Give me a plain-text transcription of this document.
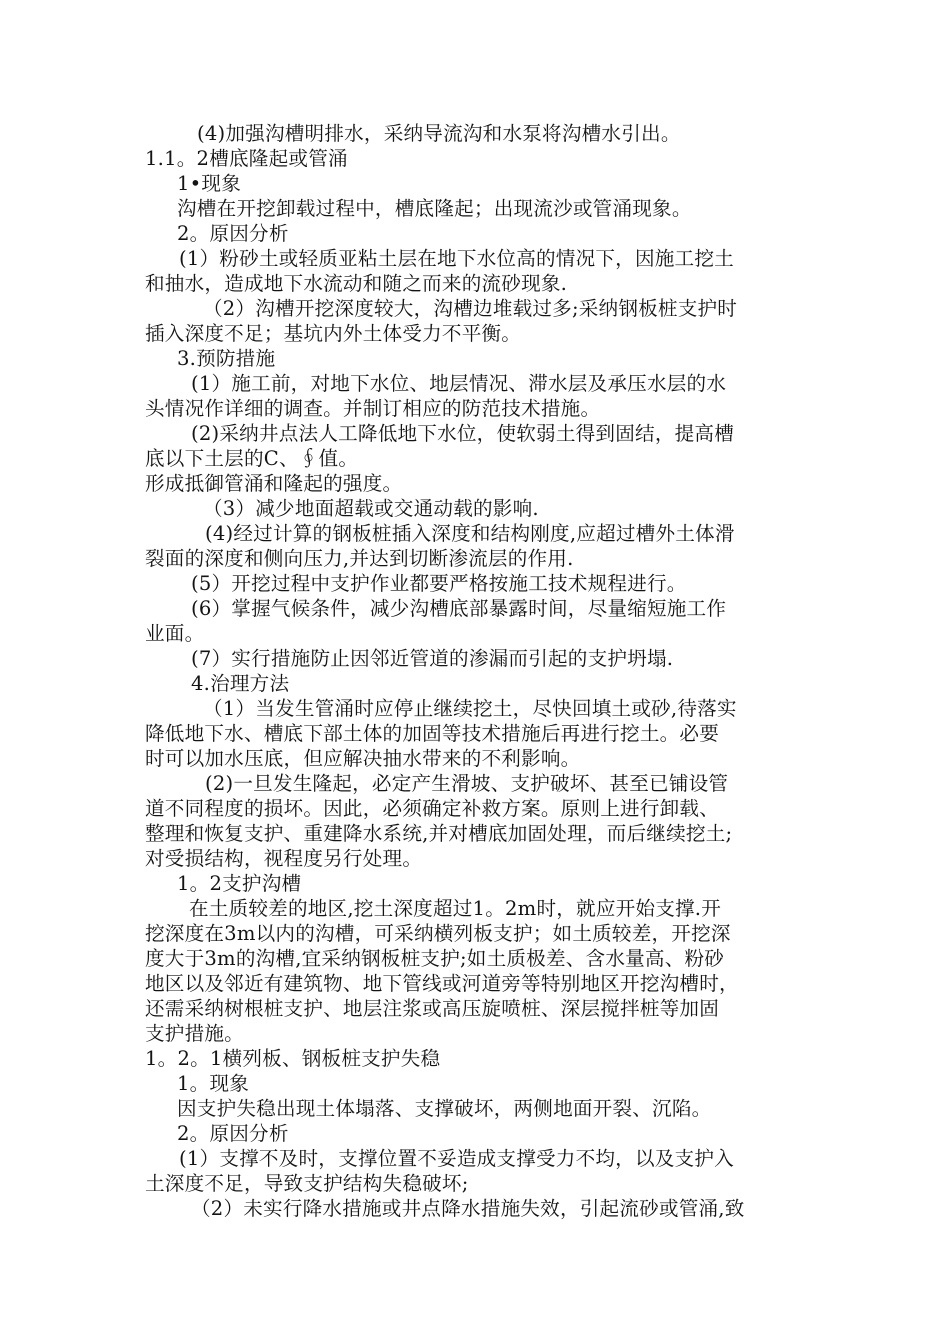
(4)加强沟槽明排水，采纳导流沟和水泵将沟槽水引出。
1.1。2槽底隆起或管涌
1•现象
沟槽在开挖卸载过程中，槽底隆起；出现流沙或管涌现象。
2。原因分析
(1）粉砂土或轻质亚粘土层在地下水位高的情况下，因施工挖土
和抽水，造成地下水流动和随之而来的流砂现象.
（2）沟槽开挖深度较大，沟槽边堆载过多;采纳钢板桩支护时
插入深度不足；基坑内外土体受力不平衡。
3.预防措施
(1）施工前，对地下水位、地层情况、滞水层及承压水层的水
头情况作详细的调查。并制订相应的防范技术措施。
(2)采纳井点法人工降低地下水位，使软弱土得到固结，提高槽
底以下土层的C、∮值。
形成抵御管涌和隆起的强度。
（3）减少地面超载或交通动载的影响.
(4)经过计算的钢板桩插入深度和结构刚度,应超过槽外土体滑
裂面的深度和侧向压力,并达到切断渗流层的作用.
(5）开挖过程中支护作业都要严格按施工技术规程进行。
(6）掌握气候条件，减少沟槽底部暴露时间，尽量缩短施工作
业面。
(7）实行措施防止因邻近管道的渗漏而引起的支护坍塌.
4.治理方法
（1）当发生管涌时应停止继续挖土，尽快回填土或砂,待落实
降低地下水、槽底下部土体的加固等技术措施后再进行挖土。必要
时可以加水压底，但应解决抽水带来的不利影响。
(2)一旦发生隆起，必定产生滑坡、支护破坏、甚至已铺设管
道不同程度的损坏。因此，必须确定补救方案。原则上进行卸载、
整理和恢复支护、重建降水系统,并对槽底加固处理，而后继续挖土;
对受损结构，视程度另行处理。
1。2支护沟槽
在土质较差的地区,挖土深度超过1。2m时，就应开始支撑.开
挖深度在3m以内的沟槽，可采纳横列板支护；如土质较差，开挖深
度大于3m的沟槽,宜采纳钢板桩支护;如土质极差、含水量高、粉砂
地区以及邻近有建筑物、地下管线或河道旁等特别地区开挖沟槽时，
还需采纳树根桩支护、地层注浆或高压旋喷桩、深层搅拌桩等加固
支护措施。
1。2。1横列板、钢板桩支护失稳
1。现象
因支护失稳出现土体塌落、支撑破坏，两侧地面开裂、沉陷。
2。原因分析
(1）支撑不及时，支撑位置不妥造成支撑受力不均，以及支护入
土深度不足，导致支护结构失稳破坏;
（2）未实行降水措施或井点降水措施失效，引起流砂或管涌,致
